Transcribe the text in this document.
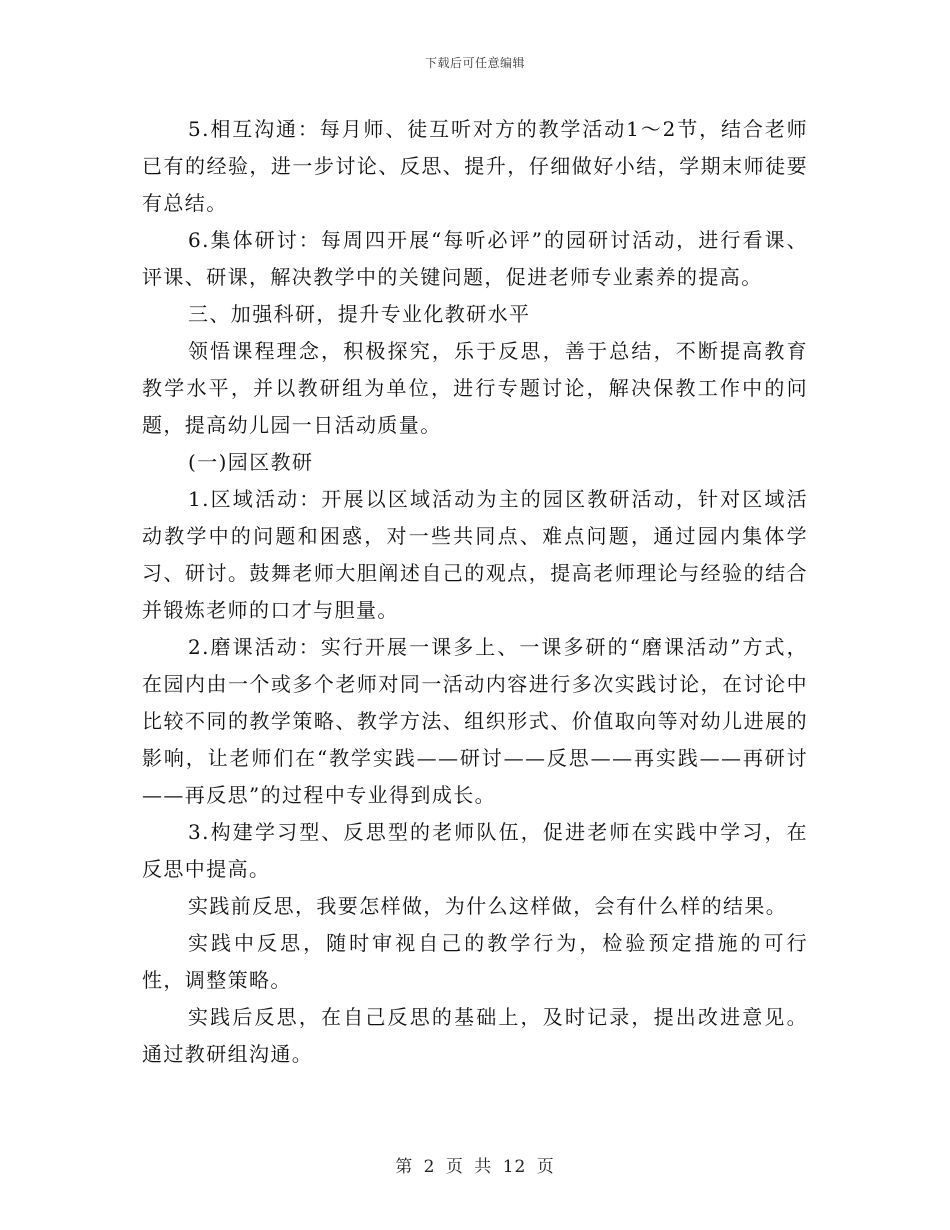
下载后可任意编辑

5.相互沟通：每月师、徒互听对方的教学活动1～2节，结合老师已有的经验，进一步讨论、反思、提升，仔细做好小结，学期末师徒要有总结。

6.集体研讨：每周四开展“每听必评”的园研讨活动，进行看课、评课、研课，解决教学中的关键问题，促进老师专业素养的提高。

三、加强科研，提升专业化教研水平

领悟课程理念，积极探究，乐于反思，善于总结，不断提高教育教学水平，并以教研组为单位，进行专题讨论，解决保教工作中的问题，提高幼儿园一日活动质量。

(一)园区教研

1.区域活动：开展以区域活动为主的园区教研活动，针对区域活动教学中的问题和困惑，对一些共同点、难点问题，通过园内集体学习、研讨。鼓舞老师大胆阐述自己的观点，提高老师理论与经验的结合并锻炼老师的口才与胆量。

2.磨课活动：实行开展一课多上、一课多研的“磨课活动”方式，在园内由一个或多个老师对同一活动内容进行多次实践讨论，在讨论中比较不同的教学策略、教学方法、组织形式、价值取向等对幼儿进展的影响，让老师们在“教学实践——研讨——反思——再实践——再研讨——再反思”的过程中专业得到成长。

3.构建学习型、反思型的老师队伍，促进老师在实践中学习，在反思中提高。

实践前反思，我要怎样做，为什么这样做，会有什么样的结果。

实践中反思，随时审视自己的教学行为，检验预定措施的可行性，调整策略。

实践后反思，在自己反思的基础上，及时记录，提出改进意见。通过教研组沟通。

第 2 页 共 12 页
